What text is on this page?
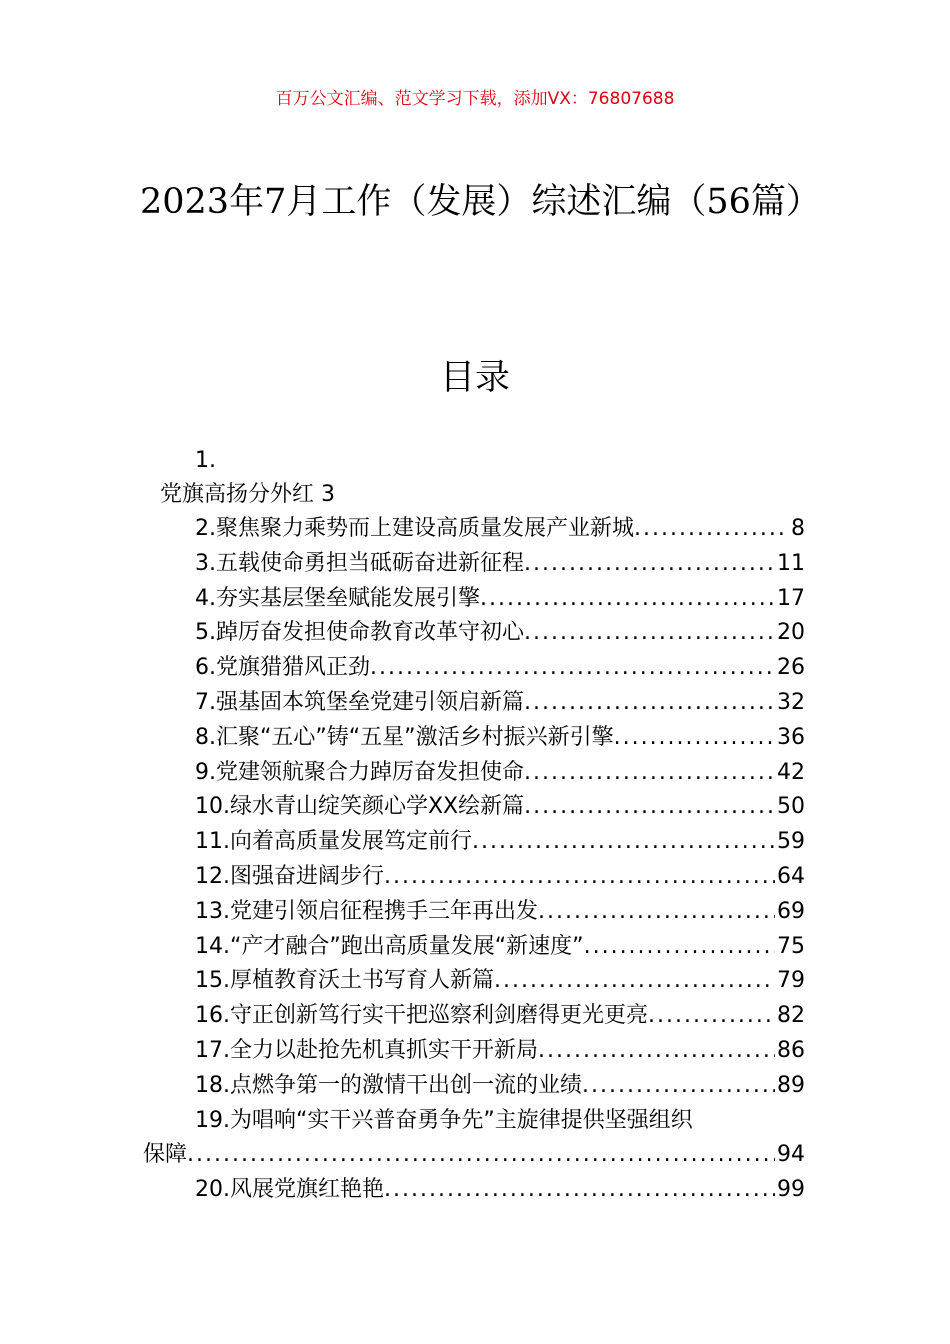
百万公文汇编、范文学习下载，添加VX：76807688
2023年7月工作（发展）综述汇编（56篇）
目录
1.
党旗高扬分外红 3
2.聚焦聚力乘势而上建设高质量发展产业新城 .....	8
3.五载使命勇担当砥砺奋进新征程 .....	11
4.夯实基层堡垒赋能发展引擎 .....	17
5.踔厉奋发担使命教育改革守初心 .....	20
6.党旗猎猎风正劲 .....	26
7.强基固本筑堡垒党建引领启新篇 .....	32
8.汇聚“五心”铸“五星”激活乡村振兴新引擎 .....	36
9.党建领航聚合力踔厉奋发担使命 .....	42
10.绿水青山绽笑颜心学XX绘新篇 .....	50
11.向着高质量发展笃定前行 .....	59
12.图强奋进阔步行 .....	64
13.党建引领启征程携手三年再出发 .....	69
14.“产才融合”跑出高质量发展“新速度” .....	75
15.厚植教育沃土书写育人新篇 .....	79
16.守正创新笃行实干把巡察利剑磨得更光更亮 .....	82
17.全力以赴抢先机真抓实干开新局 .....	86
18.点燃争第一的激情干出创一流的业绩 .....	89
19.为唱响“实干兴普奋勇争先”主旋律提供坚强组织
保障 .....	94
20.风展党旗红艳艳 .....	99
